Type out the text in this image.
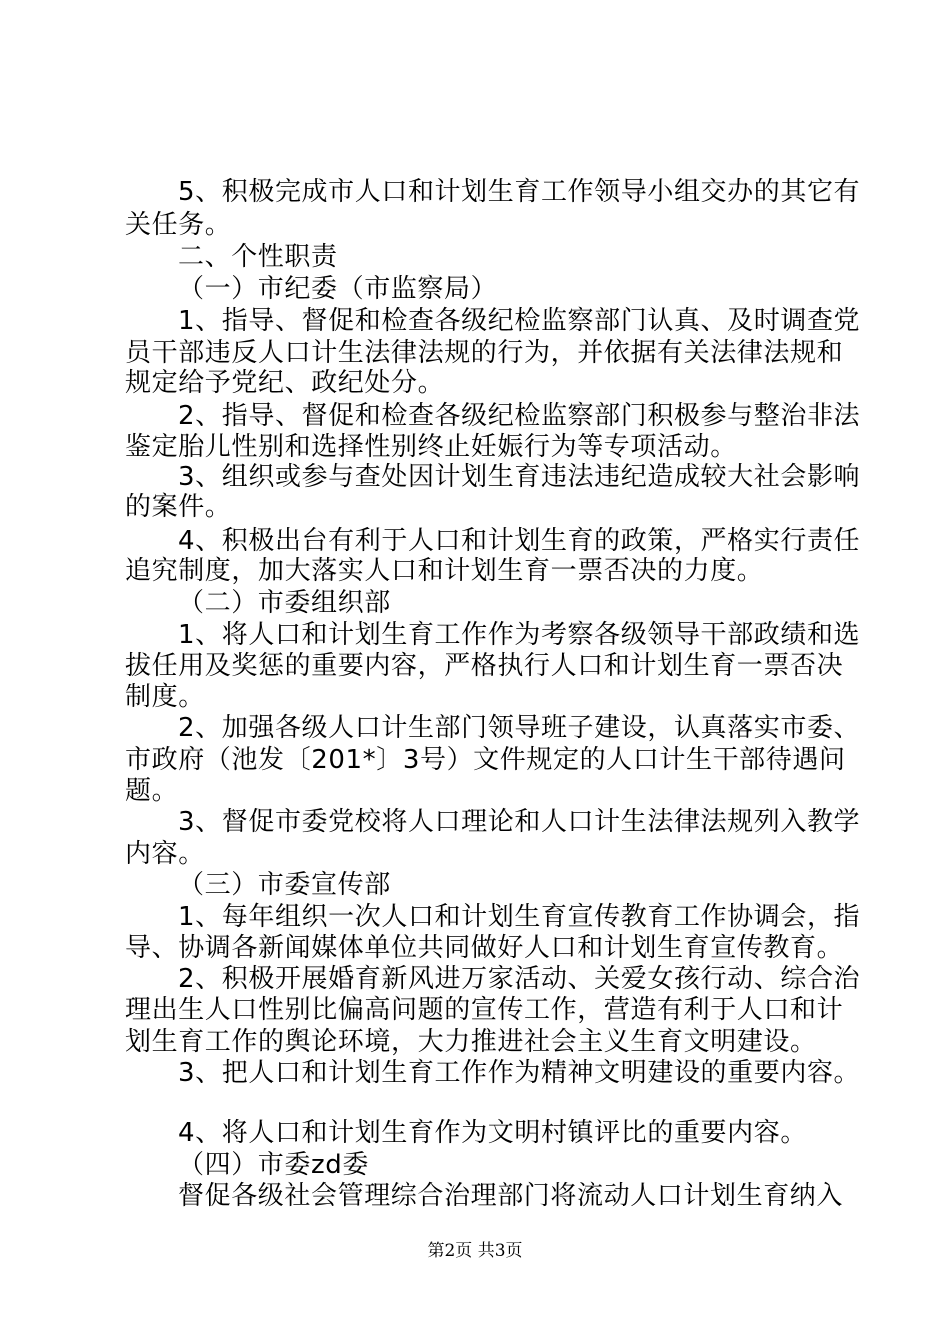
5、积极完成市人口和计划生育工作领导小组交办的其它有
关任务。
二、个性职责
（一）市纪委（市监察局）
1、指导、督促和检查各级纪检监察部门认真、及时调查党
员干部违反人口计生法律法规的行为，并依据有关法律法规和
规定给予党纪、政纪处分。
2、指导、督促和检查各级纪检监察部门积极参与整治非法
鉴定胎儿性别和选择性别终止妊娠行为等专项活动。
3、组织或参与查处因计划生育违法违纪造成较大社会影响
的案件。
4、积极出台有利于人口和计划生育的政策，严格实行责任
追究制度，加大落实人口和计划生育一票否决的力度。
（二）市委组织部
1、将人口和计划生育工作作为考察各级领导干部政绩和选
拔任用及奖惩的重要内容，严格执行人口和计划生育一票否决
制度。
2、加强各级人口计生部门领导班子建设，认真落实市委、
市政府（池发〔201*〕3号）文件规定的人口计生干部待遇问
题。
3、督促市委党校将人口理论和人口计生法律法规列入教学
内容。
（三）市委宣传部
1、每年组织一次人口和计划生育宣传教育工作协调会，指
导、协调各新闻媒体单位共同做好人口和计划生育宣传教育。
2、积极开展婚育新风进万家活动、关爱女孩行动、综合治
理出生人口性别比偏高问题的宣传工作，营造有利于人口和计
划生育工作的舆论环境，大力推进社会主义生育文明建设。
3、把人口和计划生育工作作为精神文明建设的重要内容。
4、将人口和计划生育作为文明村镇评比的重要内容。
（四）市委zd委
督促各级社会管理综合治理部门将流动人口计划生育纳入
第2页 共3页
